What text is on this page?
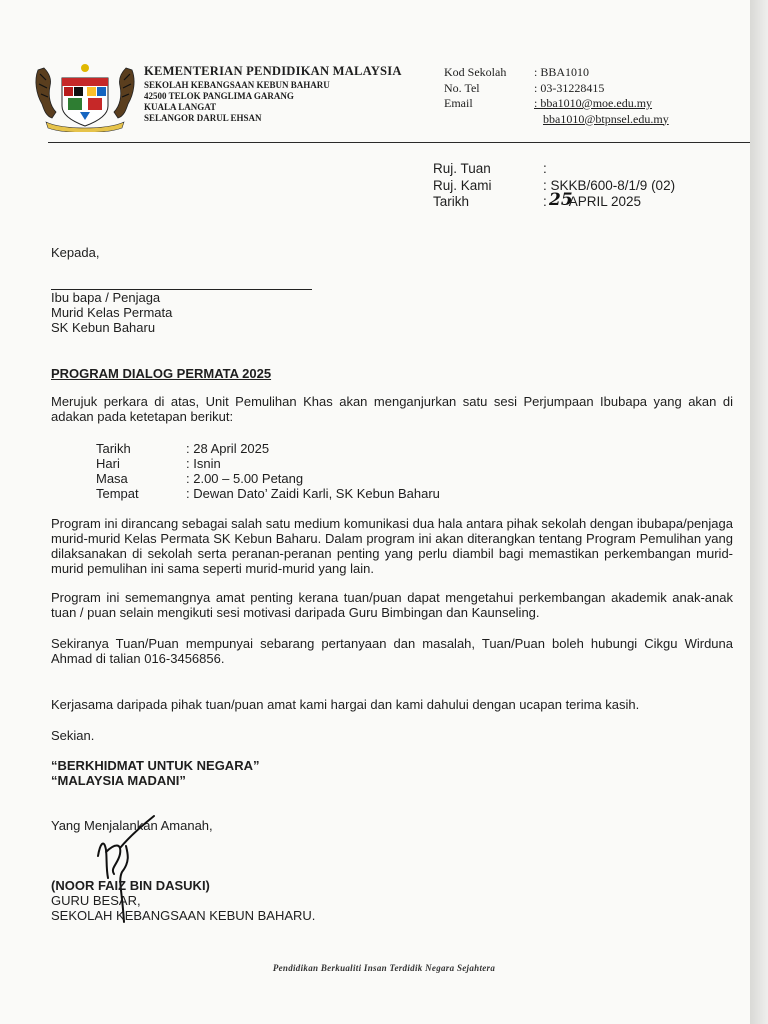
KEMENTERIAN PENDIDIKAN MALAYSIA
SEKOLAH KEBANGSAAN KEBUN BAHARU
42500 TELOK PANGLIMA GARANG
KUALA LANGAT
SELANGOR DARUL EHSAN
Kod Sekolah	: BBA1010
No. Tel	: 03-31228415
Email	: bba1010@moe.edu.my
bba1010@btpnsel.edu.my
Ruj. Tuan	:
Ruj. Kami	: SKKB/600-8/1/9 (02)
Tarikh	: APRIL 2025
25
Kepada,
Ibu bapa / Penjaga
Murid Kelas Permata
SK Kebun Baharu
PROGRAM DIALOG PERMATA 2025
Merujuk perkara di atas, Unit Pemulihan Khas akan menganjurkan satu sesi Perjumpaan Ibubapa yang akan di adakan pada ketetapan berikut:
Tarikh	: 28 April 2025
Hari	: Isnin
Masa	: 2.00 – 5.00 Petang
Tempat	: Dewan Dato’ Zaidi Karli, SK Kebun Baharu
Program ini dirancang sebagai salah satu medium komunikasi dua hala antara pihak sekolah dengan ibubapa/penjaga murid-murid Kelas Permata SK Kebun Baharu. Dalam program ini akan diterangkan tentang Program Pemulihan yang dilaksanakan di sekolah serta peranan-peranan penting yang perlu diambil bagi memastikan perkembangan murid-murid pemulihan ini sama seperti murid-murid yang lain.
Program ini sememangnya amat penting kerana tuan/puan dapat mengetahui perkembangan akademik anak-anak tuan / puan selain mengikuti sesi motivasi daripada Guru Bimbingan dan Kaunseling.
Sekiranya Tuan/Puan mempunyai sebarang pertanyaan dan masalah, Tuan/Puan boleh hubungi Cikgu Wirduna Ahmad di talian 016-3456856.
Kerjasama daripada pihak tuan/puan amat kami hargai dan kami dahului dengan ucapan terima kasih.
Sekian.
“BERKHIDMAT UNTUK NEGARA”
“MALAYSIA MADANI”
Yang Menjalankan Amanah,
(NOOR FAIZ BIN DASUKI)
GURU BESAR,
SEKOLAH KEBANGSAAN KEBUN BAHARU.
Pendidikan Berkualiti Insan Terdidik Negara Sejahtera
